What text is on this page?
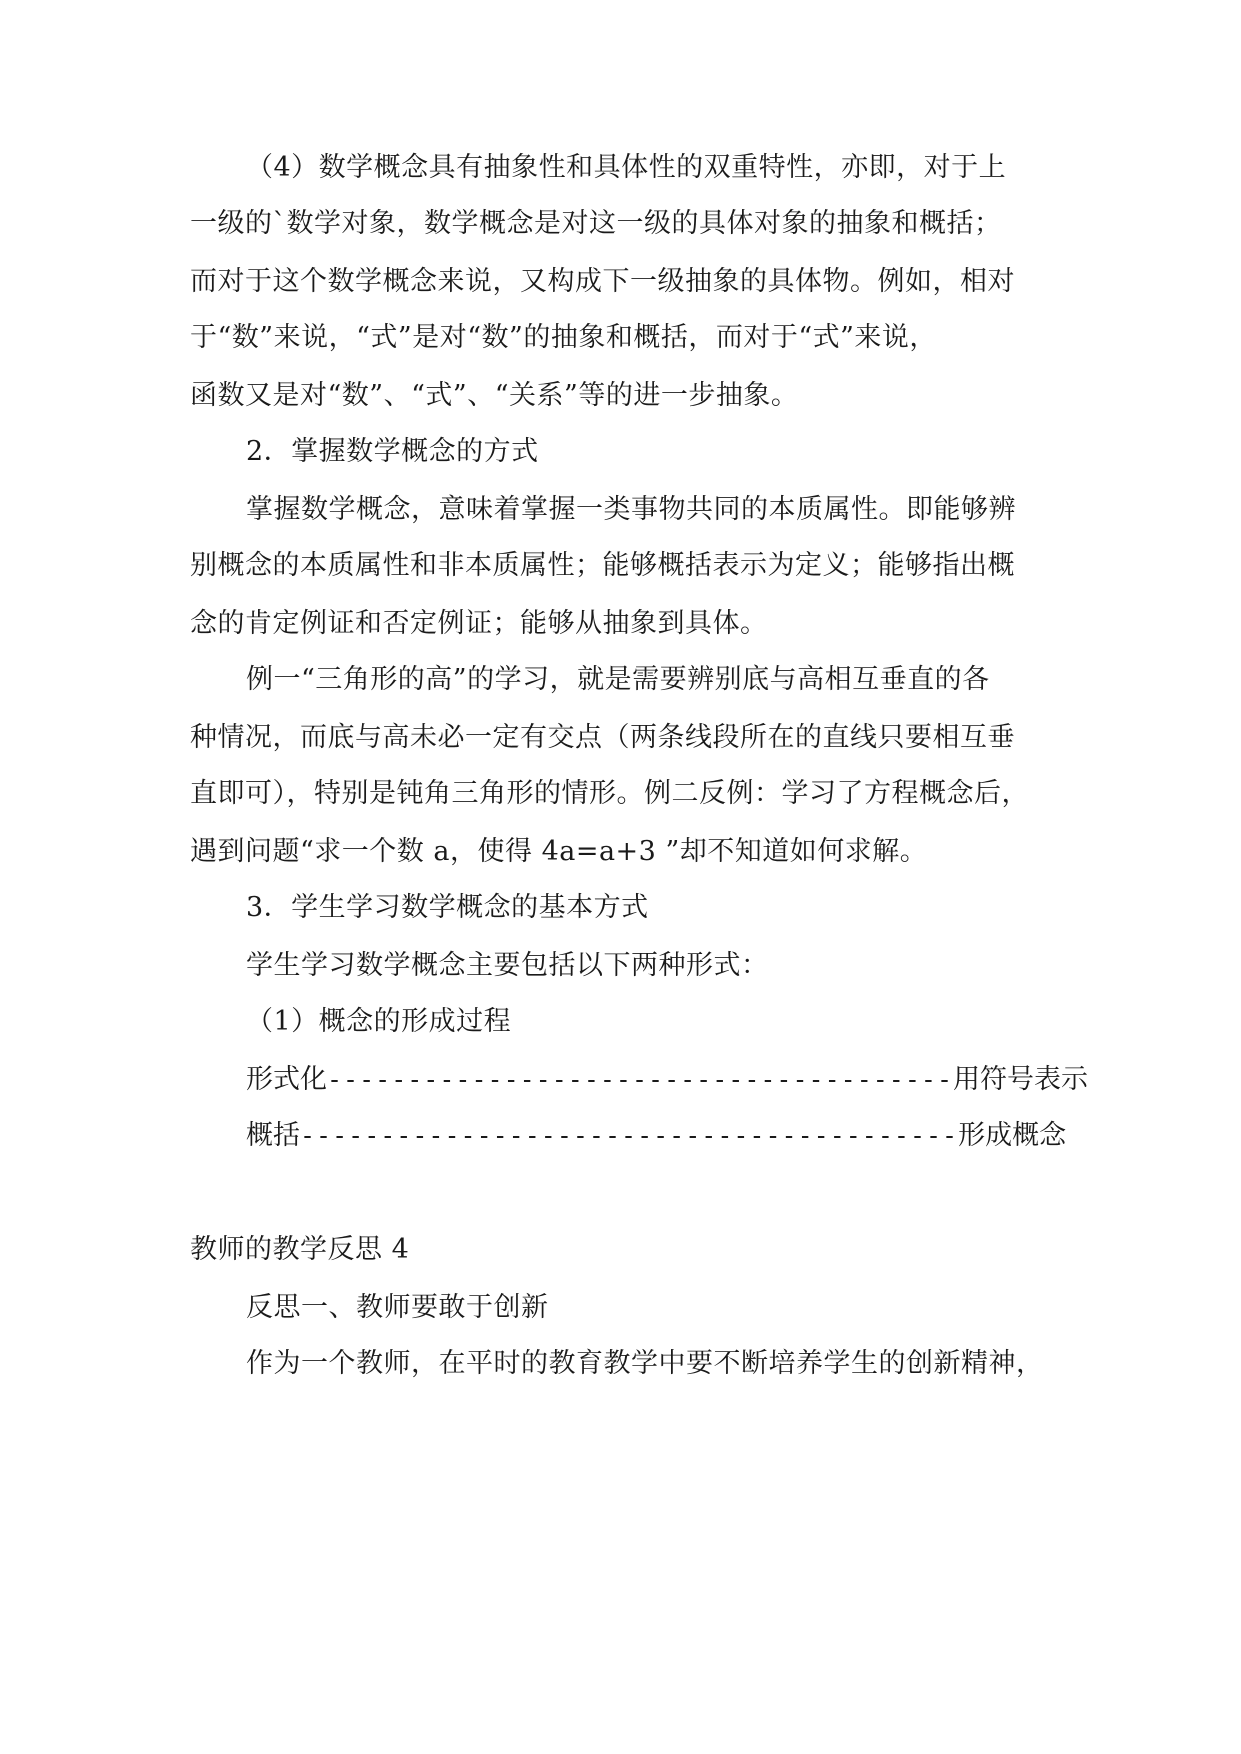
（4）数学概念具有抽象性和具体性的双重特性，亦即，对于上
一级的`数学对象，数学概念是对这一级的具体对象的抽象和概括；
而对于这个数学概念来说，又构成下一级抽象的具体物。例如，相对
于“数”来说，“式”是对“数”的抽象和概括，而对于“式”来说，
函数又是对“数”、“式”、“关系”等的进一步抽象。
2．掌握数学概念的方式
掌握数学概念，意味着掌握一类事物共同的本质属性。即能够辨
别概念的本质属性和非本质属性；能够概括表示为定义；能够指出概
念的肯定例证和否定例证；能够从抽象到具体。
例一“三角形的高”的学习，就是需要辨别底与高相互垂直的各
种情况，而底与高未必一定有交点（两条线段所在的直线只要相互垂
直即可），特别是钝角三角形的情形。例二反例：学习了方程概念后，
遇到问题“求一个数 a，使得 4a=a+3 ”却不知道如何求解。
3．学生学习数学概念的基本方式
学生学习数学概念主要包括以下两种形式：
（1）概念的形成过程
形式化 --------------------------------------- 用符号表示
概括 ----------------------------------------- 形成概念
教师的教学反思 4
反思一、教师要敢于创新
作为一个教师，在平时的教育教学中要不断培养学生的创新精神，
